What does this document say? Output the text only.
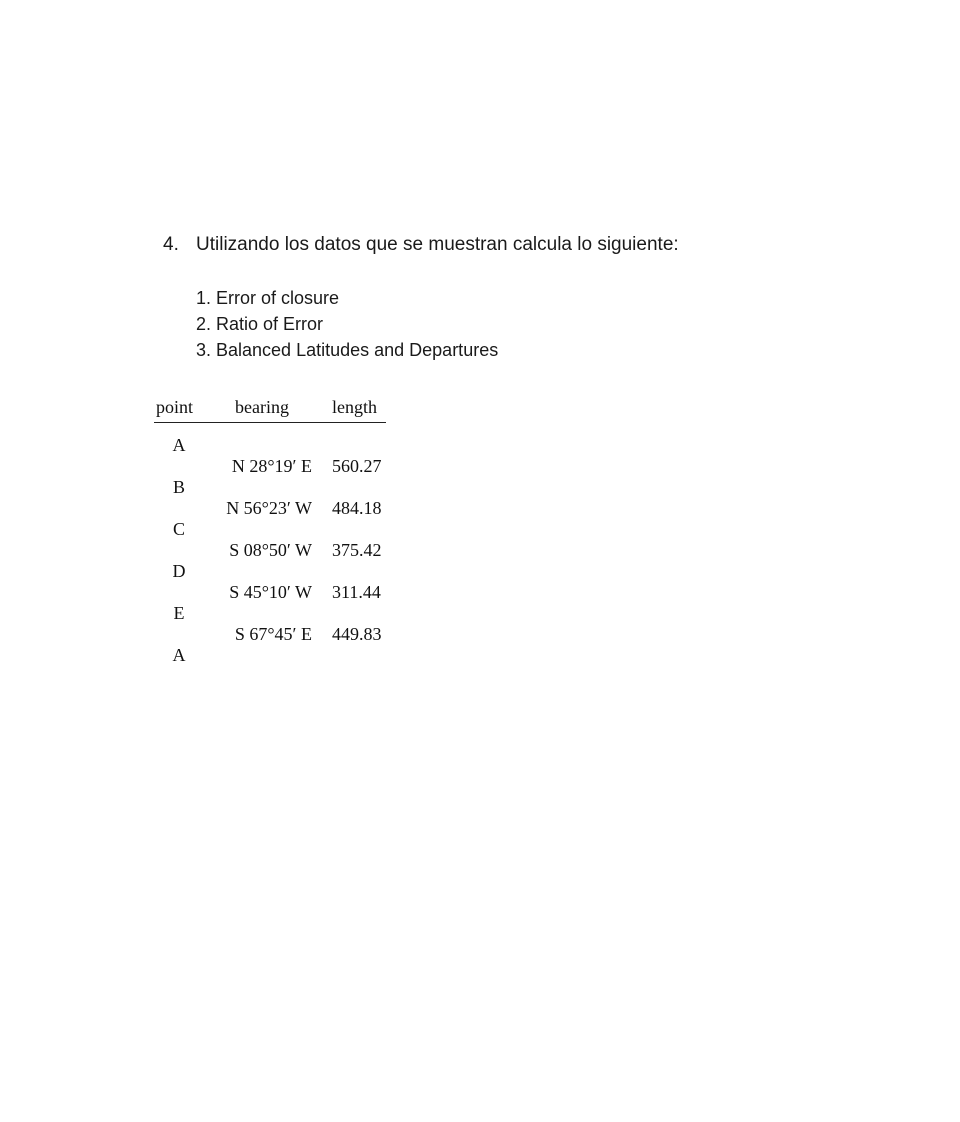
4. Utilizando los datos que se muestran calcula lo siguiente:
1. Error of closure
2. Ratio of Error
3. Balanced Latitudes and Departures
point bearing length
A
N 28°19′ E 560.27
B
N 56°23′ W 484.18
C
S 08°50′ W 375.42
D
S 45°10′ W 311.44
E
S 67°45′ E 449.83
A
